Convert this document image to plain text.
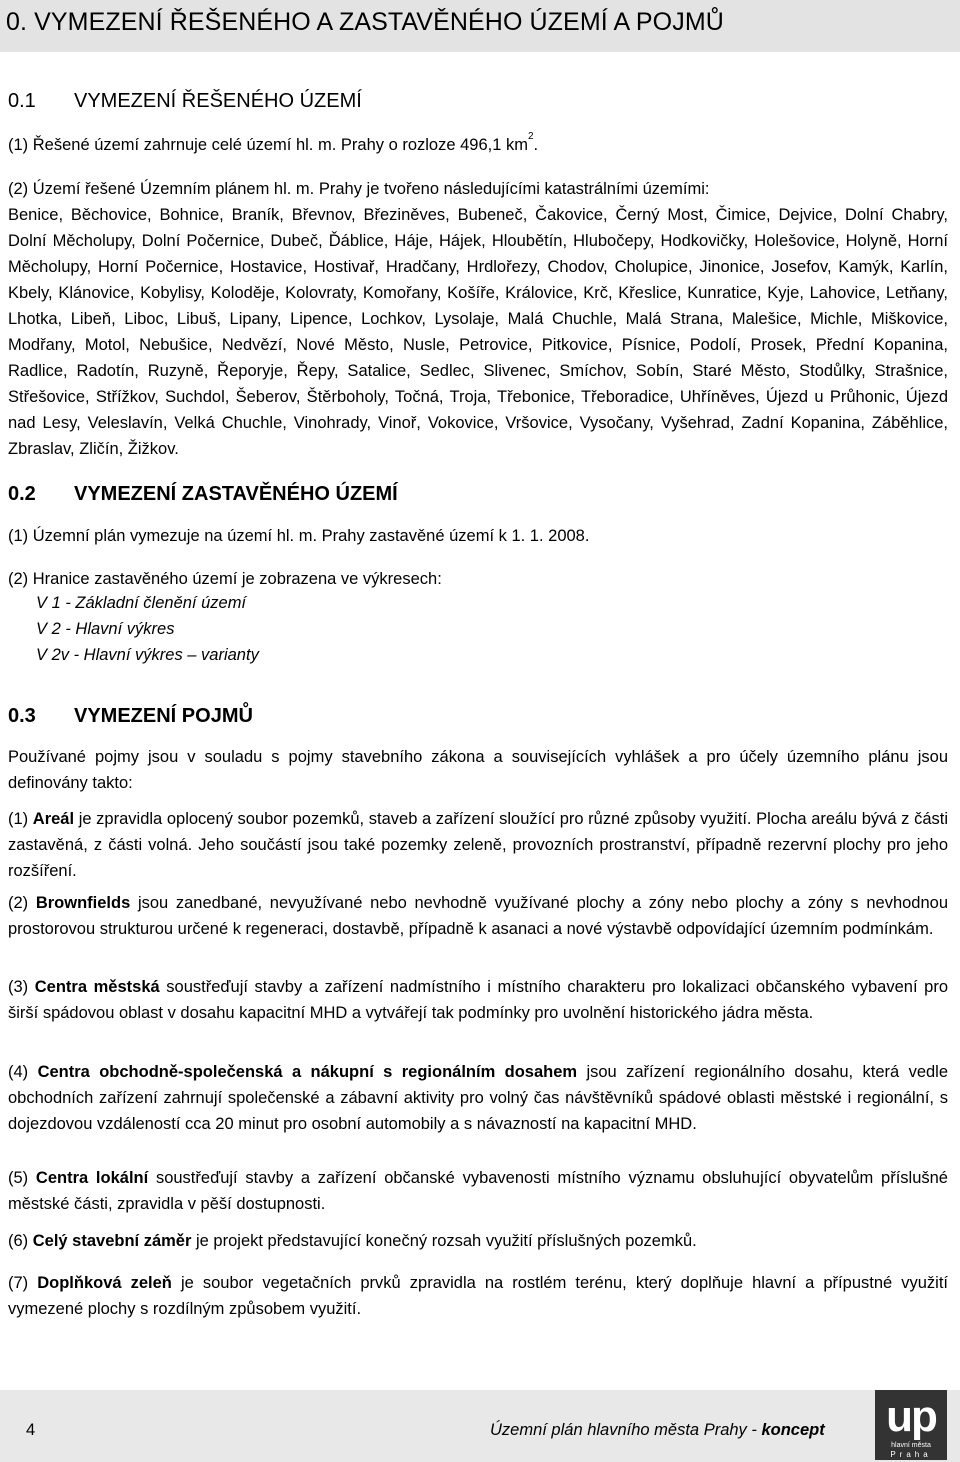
0. VYMEZENÍ ŘEŠENÉHO A ZASTAVĚNÉHO ÚZEMÍ A POJMŮ
0.1 VYMEZENÍ ŘEŠENÉHO ÚZEMÍ
(1) Řešené území zahrnuje celé území hl. m. Prahy o rozloze 496,1 $km^2$.
(2) Území řešené Územním plánem hl. m. Prahy je tvořeno následujícími katastrálními územími:
Benice, Běchovice, Bohnice, Braník, Břevnov, Březiněves, Bubeneč, Čakovice, Černý Most, Čimice, Dejvice, Dolní Chabry, Dolní Měcholupy, Dolní Počernice, Dubeč, Ďáblice, Háje, Hájek, Hloubětín, Hlubočepy, Hodkovičky, Holešovice, Holyně, Horní Měcholupy, Horní Počernice, Hostavice, Hostivař, Hradčany, Hrdlořezy, Chodov, Cholupice, Jinonice, Josefov, Kamýk, Karlín, Kbely, Klánovice, Kobylisy, Koloděje, Kolovraty, Komořany, Košíře, Královice, Krč, Křeslice, Kunratice, Kyje, Lahovice, Letňany, Lhotka, Libeň, Liboc, Libuš, Lipany, Lipence, Lochkov, Lysolaje, Malá Chuchle, Malá Strana, Malešice, Michle, Miškovice, Modřany, Motol, Nebušice, Nedvězí, Nové Město, Nusle, Petrovice, Pitkovice, Písnice, Podolí, Prosek, Přední Kopanina, Radlice, Radotín, Ruzyně, Řeporyje, Řepy, Satalice, Sedlec, Slivenec, Smíchov, Sobín, Staré Město, Stodůlky, Strašnice, Střešovice, Střížkov, Suchdol, Šeberov, Štěrboholy, Točná, Troja, Třebonice, Třeboradice, Uhříněves, Újezd u Průhonic, Újezd nad Lesy, Veleslavín, Velká Chuchle, Vinohrady, Vinoř, Vokovice, Vršovice, Vysočany, Vyšehrad, Zadní Kopanina, Záběhlice, Zbraslav, Zličín, Žižkov.
0.2 VYMEZENÍ ZASTAVĚNÉHO ÚZEMÍ
(1) Územní plán vymezuje na území hl. m. Prahy zastavěné území k 1. 1. 2008.
(2) Hranice zastavěného území je zobrazena ve výkresech:
V 1 - Základní členění území
V 2 - Hlavní výkres
V 2v - Hlavní výkres – varianty
0.3 VYMEZENÍ POJMŮ
Používané pojmy jsou v souladu s pojmy stavebního zákona a souvisejících vyhlášek a pro účely územního plánu jsou definovány takto:
(1) Areál je zpravidla oplocený soubor pozemků, staveb a zařízení sloužící pro různé způsoby využití. Plocha areálu bývá z části zastavěná, z části volná. Jeho součástí jsou také pozemky zeleně, provozních prostranství, případně rezervní plochy pro jeho rozšíření.
(2) Brownfields jsou zanedbané, nevyužívané nebo nevhodně využívané plochy a zóny nebo plochy a zóny s nevhodnou prostorovou strukturou určené k regeneraci, dostavbě, případně k asanaci a nové výstavbě odpovídající územním podmínkám.
(3) Centra městská soustřeďují stavby a zařízení nadmístního i místního charakteru pro lokalizaci občanského vybavení pro širší spádovou oblast v dosahu kapacitní MHD a vytvářejí tak podmínky pro uvolnění historického jádra města.
(4) Centra obchodně-společenská a nákupní s regionálním dosahem jsou zařízení regionálního dosahu, která vedle obchodních zařízení zahrnují společenské a zábavní aktivity pro volný čas návštěvníků spádové oblasti městské i regionální, s dojezdovou vzdáleností cca 20 minut pro osobní automobily a s návazností na kapacitní MHD.
(5) Centra lokální soustřeďují stavby a zařízení občanské vybavenosti místního významu obsluhující obyvatelům příslušné městské části, zpravidla v pěší dostupnosti.
(6) Celý stavební záměr je projekt představující konečný rozsah využití příslušných pozemků.
(7) Doplňková zeleň je soubor vegetačních prvků zpravidla na rostlém terénu, který doplňuje hlavní a přípustné využití vymezené plochy s rozdílným způsobem využití.
4	Územní plán hlavního města Prahy - koncept up
hlavní města
Praha
